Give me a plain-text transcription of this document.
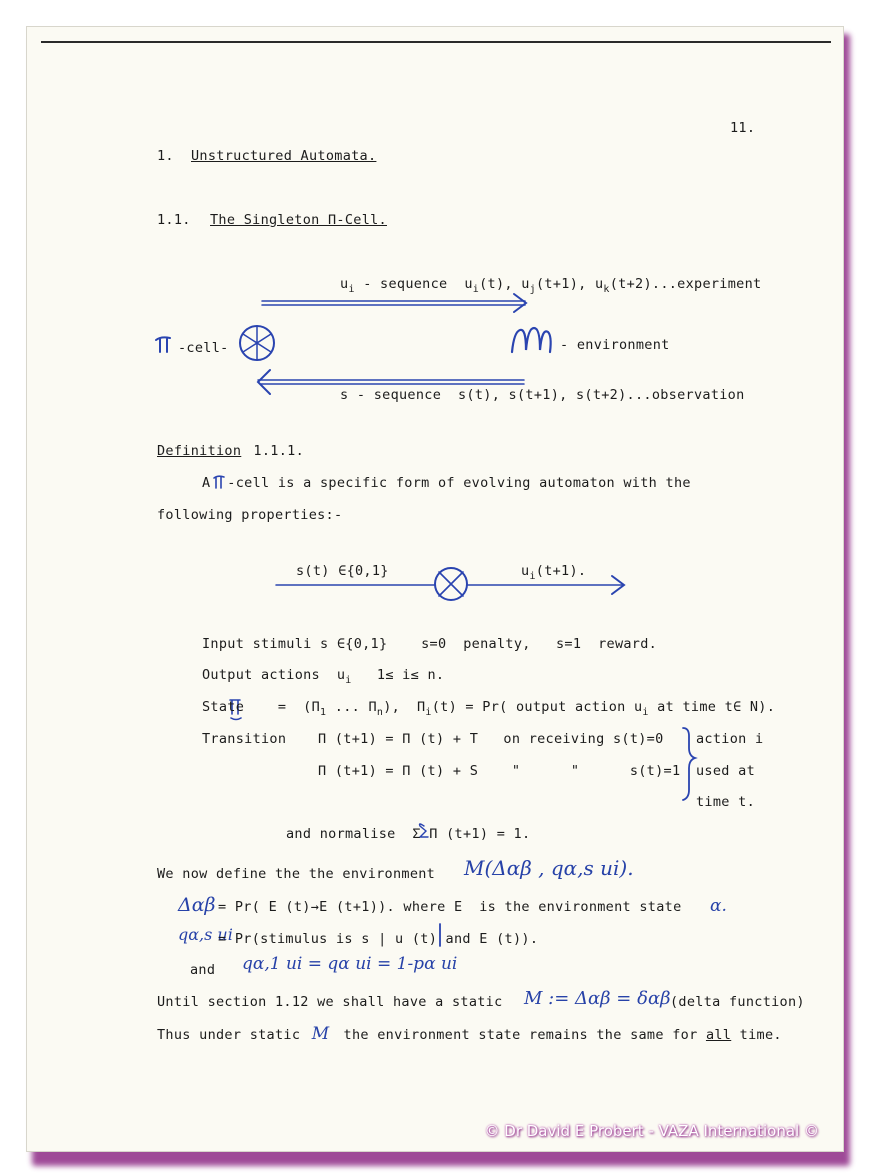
11.
1. Unstructured Automata.
1.1. The Singleton Π-Cell.
$u_i$ - sequence  $u_i(t)$, $u_j(t+1)$, $u_k(t+2)...experiment$
-cell-	- environment
s - sequence  s(t), s(t+1), s(t+2)...observation
Definition 1.1.1.
A  -cell is a specific form of evolving automaton with the
following properties:-
s(t) ∈{0,1}	$u_i(t+1)$.
Input stimuli s ∈{0,1}    s=0  penalty,   s=1  reward.
Output actions  $u_i$   1≤ i≤ n.
State    =  ($\Pi_1$ ... $\Pi_n$),  $\Pi_i(t) = Pr$( output action $u_i$ at time t∈ N).
Transition Π (t+1) = Π (t) + T   on receiving s(t)=0
Π (t+1) = Π (t) + S    "      "      s(t)=1
action i
used at
time t.
and normalise  Σ Π (t+1) = 1.
We now define the the environment M(Δαβ , qα,s ui).
Δαβ = Pr( E (t)→E (t+1)). where E  is the environment state α.
qα,s ui
= Pr(stimulus is s | u (t) and E (t)).
and qα,1 ui = qα ui = 1-pα ui
Until section 1.12 we shall have a static M := Δαβ = δαβ (delta function)
Thus under static  M  the environment state remains the same for all time.
© Dr David E Probert - VAZA International ©
